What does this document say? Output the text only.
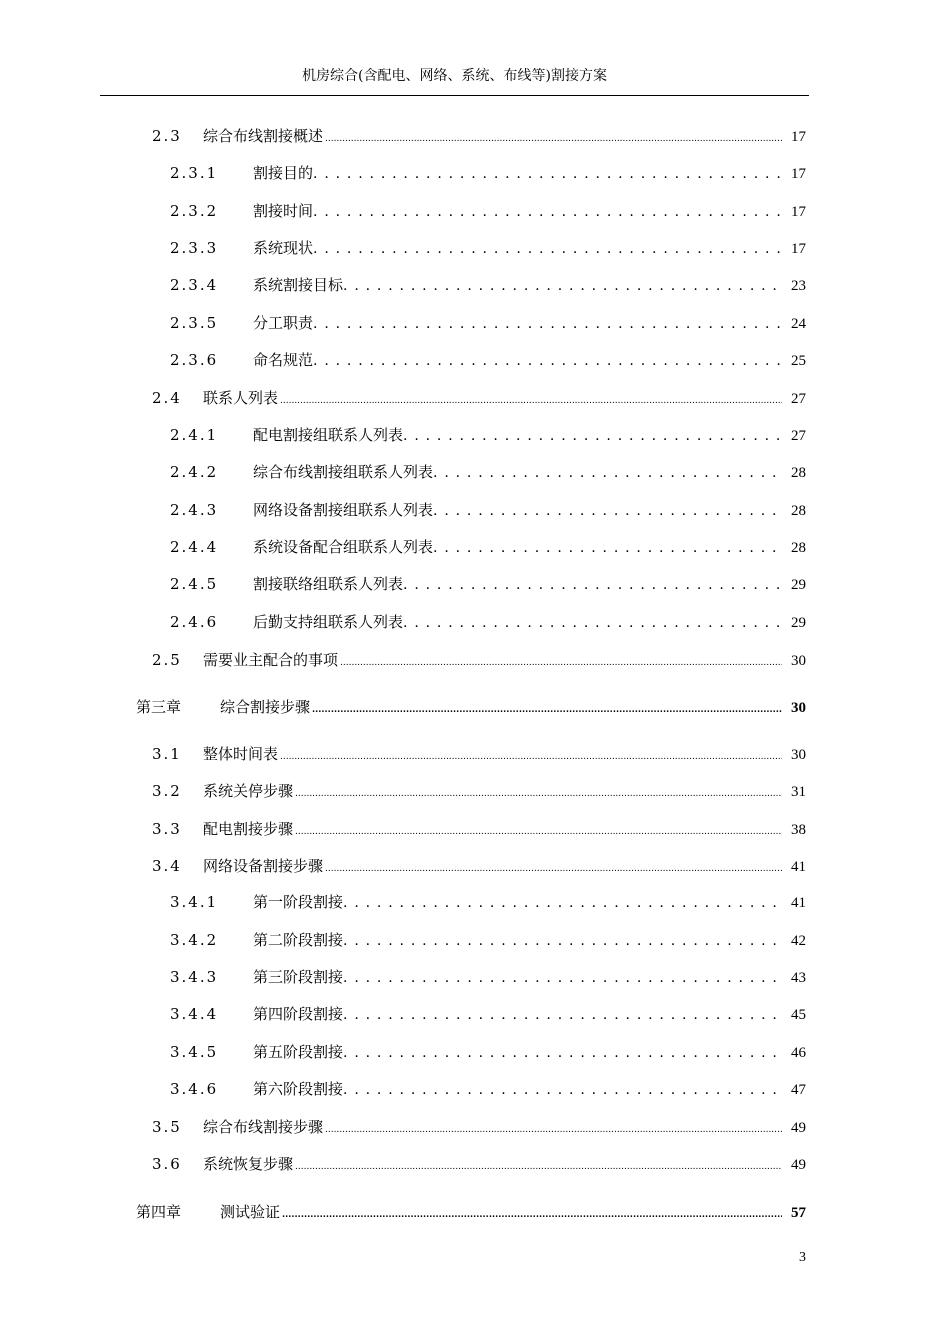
机房综合(含配电、网络、系统、布线等)割接方案
2.3	综合布线割接概述 .....	17
2.3.1	割接目的 . . .	17
2.3.2	割接时间 . . .	17
2.3.3	系统现状 . . .	17
2.3.4	系统割接目标 . . .	23
2.3.5	分工职责 . . .	24
2.3.6	命名规范 . . .	25
2.4	联系人列表 .....	27
2.4.1	配电割接组联系人列表 . . .	27
2.4.2	综合布线割接组联系人列表 . . .	28
2.4.3	网络设备割接组联系人列表 . . .	28
2.4.4	系统设备配合组联系人列表 . . .	28
2.4.5	割接联络组联系人列表 . . .	29
2.4.6	后勤支持组联系人列表 . . .	29
2.5	需要业主配合的事项 .....	30
第三章	综合割接步骤 .....	30
3.1	整体时间表 .....	30
3.2	系统关停步骤 .....	31
3.3	配电割接步骤 .....	38
3.4	网络设备割接步骤 .....	41
3.4.1	第一阶段割接 . . .	41
3.4.2	第二阶段割接 . . .	42
3.4.3	第三阶段割接 . . .	43
3.4.4	第四阶段割接 . . .	45
3.4.5	第五阶段割接 . . .	46
3.4.6	第六阶段割接 . . .	47
3.5	综合布线割接步骤 .....	49
3.6	系统恢复步骤 .....	49
第四章	测试验证 .....	57
3
